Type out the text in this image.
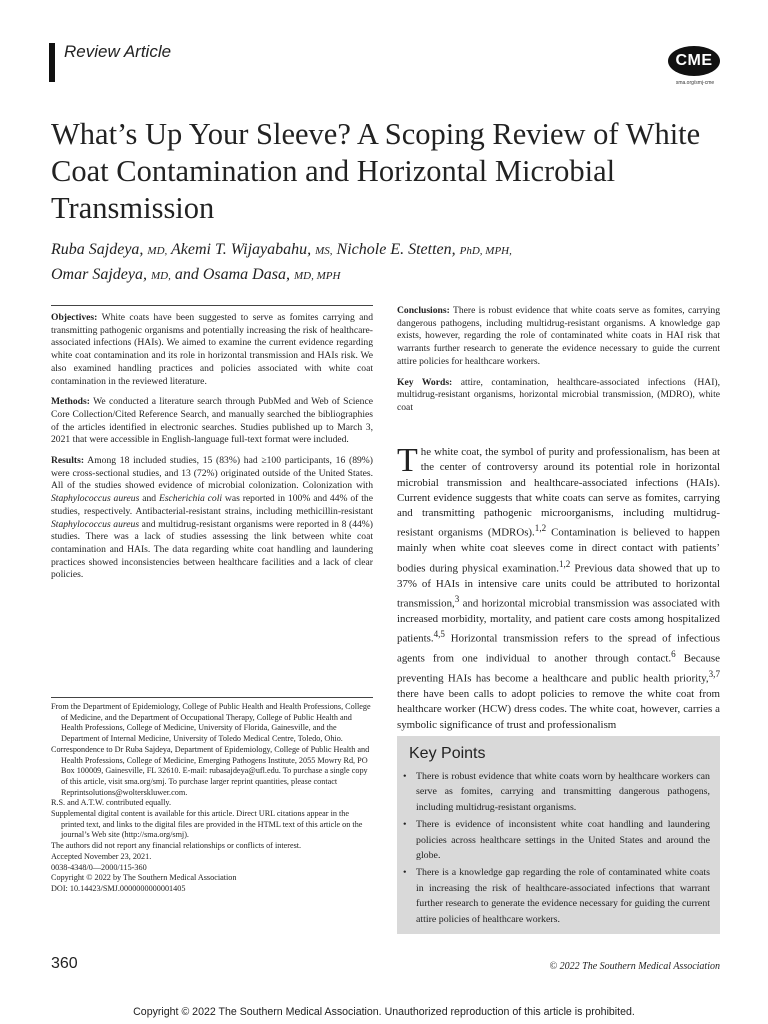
Review Article	CME
sma.org/smj-cme
What’s Up Your Sleeve? A Scoping Review of White Coat Contamination and Horizontal Microbial Transmission
Ruba Sajdeya, MD, Akemi T. Wijayabahu, MS, Nichole E. Stetten, PhD, MPH,
Omar Sajdeya, MD, and Osama Dasa, MD, MPH

Objectives: White coats have been suggested to serve as fomites carrying and transmitting pathogenic organisms and potentially increasing the risk of healthcare-associated infections (HAIs). We aimed to examine the current evidence regarding white coat contamination and its role in horizontal transmission and HAIs risk. We also examined handling practices and policies associated with white coat contamination in the reviewed literature.

Methods: We conducted a literature search through PubMed and Web of Science Core Collection/Cited Reference Search, and manually searched the bibliographies of the articles identified in electronic searches. Studies published up to March 3, 2021 that were accessible in English-language full-text format were included.

Results: Among 18 included studies, 15 (83%) had ≥100 participants, 16 (89%) were cross-sectional studies, and 13 (72%) originated outside of the United States. All of the studies showed evidence of microbial colonization. Colonization with Staphylococcus aureus and Escherichia coli was reported in 100% and 44% of the studies, respectively. Antibacterial-resistant strains, including methicillin-resistant Staphylococcus aureus and multidrug-resistant organisms were reported in 8 (44%) studies. There was a lack of studies assessing the link between white coat contamination and HAIs. The data regarding white coat handling and laundering practices showed inconsistencies between healthcare facilities and a lack of clear policies.

Conclusions: There is robust evidence that white coats serve as fomites, carrying dangerous pathogens, including multidrug-resistant organisms. A knowledge gap exists, however, regarding the role of contaminated white coats in HAI risk that warrants further research to generate the evidence necessary to guide the current attire policies for healthcare workers.

Key Words: attire, contamination, healthcare-associated infections (HAI), multidrug-resistant organisms, horizontal microbial transmission, (MDRO), white coat

From the Department of Epidemiology, College of Public Health and Health Professions, College of Medicine, and the Department of Occupational Therapy, College of Public Health and Health Professions, College of Medicine, University of Florida, Gainesville, and the Department of Internal Medicine, University of Toledo Medical Centre, Toledo, Ohio.

Correspondence to Dr Ruba Sajdeya, Department of Epidemiology, College of Public Health and Health Professions, College of Medicine, Emerging Pathogens Institute, 2055 Mowry Rd, PO Box 100009, Gainesville, FL 32610. E-mail: rubasajdeya@ufl.edu. To purchase a single copy of this article, visit sma.org/smj. To purchase larger reprint quantities, please contact Reprintsolutions@wolterskluwer.com.

R.S. and A.T.W. contributed equally.

Supplemental digital content is available for this article. Direct URL citations appear in the printed text, and links to the digital files are provided in the HTML text of this article on the journal’s Web site (http://sma.org/smj).

The authors did not report any financial relationships or conflicts of interest.

Accepted November 23, 2021.

0038-4348/0—2000/115-360

Copyright © 2022 by The Southern Medical Association

DOI: 10.14423/SMJ.0000000000001405

The white coat, the symbol of purity and professionalism, has been at the center of controversy around its potential role in horizontal microbial transmission and healthcare-associated infections (HAIs). Current evidence suggests that white coats can serve as fomites, carrying and transmitting pathogenic microorganisms, including multidrug-resistant organisms (MDROs).$^{1,2}$ Contamination is believed to happen mainly when white coat sleeves come in direct contact with patients’ bodies during physical examination.$^{1,2}$ Previous data showed that up to 37% of HAIs in intensive care units could be attributed to horizontal transmission,$^3$ and horizontal microbial transmission was associated with increased morbidity, mortality, and patient care costs among hospitalized patients.$^{4,5}$ Horizontal transmission refers to the spread of infectious agents from one individual to another through contact.$^6$ Because preventing HAIs has become a healthcare and public health priority,$^{3,7}$ there have been calls to adopt policies to remove the white coat from healthcare worker (HCW) dress codes. The white coat, however, carries a symbolic significance of trust and professionalism
Key Points
• There is robust evidence that white coats worn by healthcare workers can serve as fomites, carrying and transmitting dangerous pathogens, including multidrug-resistant organisms.
• There is evidence of inconsistent white coat handling and laundering policies across healthcare settings in the United States and around the globe.
• There is a knowledge gap regarding the role of contaminated white coats in increasing the risk of healthcare-associated infections that warrant further research to generate the evidence necessary for guiding the current attire policies of healthcare workers.
360	© 2022 The Southern Medical Association
Copyright © 2022 The Southern Medical Association. Unauthorized reproduction of this article is prohibited.
